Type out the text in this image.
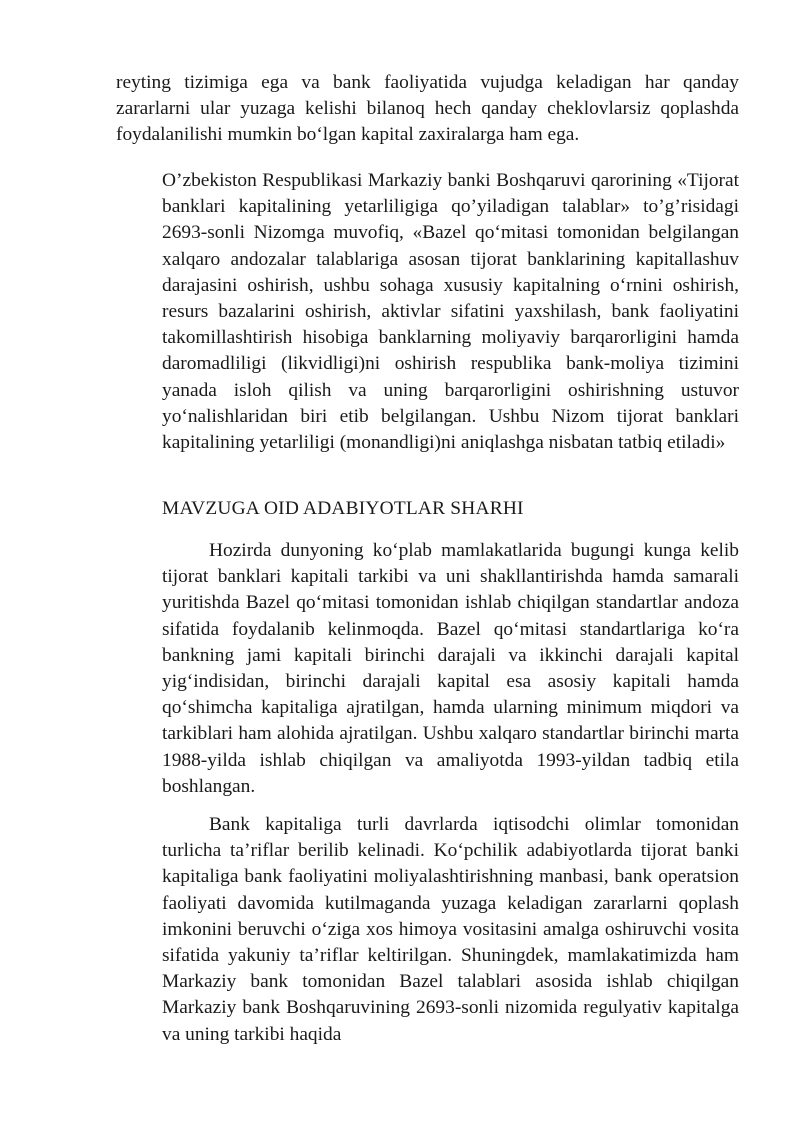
reyting tizimiga ega va bank faoliyatida vujudga keladigan har qanday zararlarni ular yuzaga kelishi bilanoq hech qanday cheklovlarsiz qoplashda foydalanilishi mumkin bo‘lgan kapital zaxiralarga ham ega.

O’zbekiston Respublikasi Markaziy banki Boshqaruvi qarorining «Tijorat banklari kapitalining yetarliligiga qo’yiladigan talablar» to’g’risidagi 2693-sonli Nizomga muvofiq, «Bazel qo‘mitasi tomonidan belgilangan xalqaro andozalar talablariga asosan tijorat banklarining kapitallashuv darajasini oshirish, ushbu sohaga xususiy kapitalning o‘rnini oshirish, resurs bazalarini oshirish, aktivlar sifatini yaxshilash, bank faoliyatini takomillashtirish hisobiga banklarning moliyaviy barqarorligini hamda daromadliligi (likvidligi)ni oshirish respublika bank-moliya tizimini yanada isloh qilish va uning barqarorligini oshirishning ustuvor yo‘nalishlaridan biri etib belgilangan. Ushbu Nizom tijorat banklari kapitalining yetarliligi (monandligi)ni aniqlashga nisbatan tatbiq etiladi»

MAVZUGA OID ADABIYOTLAR SHARHI

Hozirda dunyoning ko‘plab mamlakatlarida bugungi kunga kelib tijorat banklari kapitali tarkibi va uni shakllantirishda hamda samarali yuritishda Bazel qo‘mitasi tomonidan ishlab chiqilgan standartlar andoza sifatida foydalanib kelinmoqda. Bazel qo‘mitasi standartlariga ko‘ra bankning jami kapitali birinchi darajali va ikkinchi darajali kapital yig‘indisidan, birinchi darajali kapital esa asosiy kapitali hamda qo‘shimcha kapitaliga ajratilgan, hamda ularning minimum miqdori va tarkiblari ham alohida ajratilgan. Ushbu xalqaro standartlar birinchi marta 1988-yilda ishlab chiqilgan va amaliyotda 1993-yildan tadbiq etila boshlangan.

Bank kapitaliga turli davrlarda iqtisodchi olimlar tomonidan turlicha ta’riflar berilib kelinadi. Ko‘pchilik adabiyotlarda tijorat banki kapitaliga bank faoliyatini moliyalashtirishning manbasi, bank operatsion faoliyati davomida kutilmaganda yuzaga keladigan zararlarni qoplash imkonini beruvchi o‘ziga xos himoya vositasini amalga oshiruvchi vosita sifatida yakuniy ta’riflar keltirilgan. Shuningdek, mamlakatimizda ham Markaziy bank tomonidan Bazel talablari asosida ishlab chiqilgan Markaziy bank Boshqaruvining 2693-sonli nizomida regulyativ kapitalga va uning tarkibi haqida
